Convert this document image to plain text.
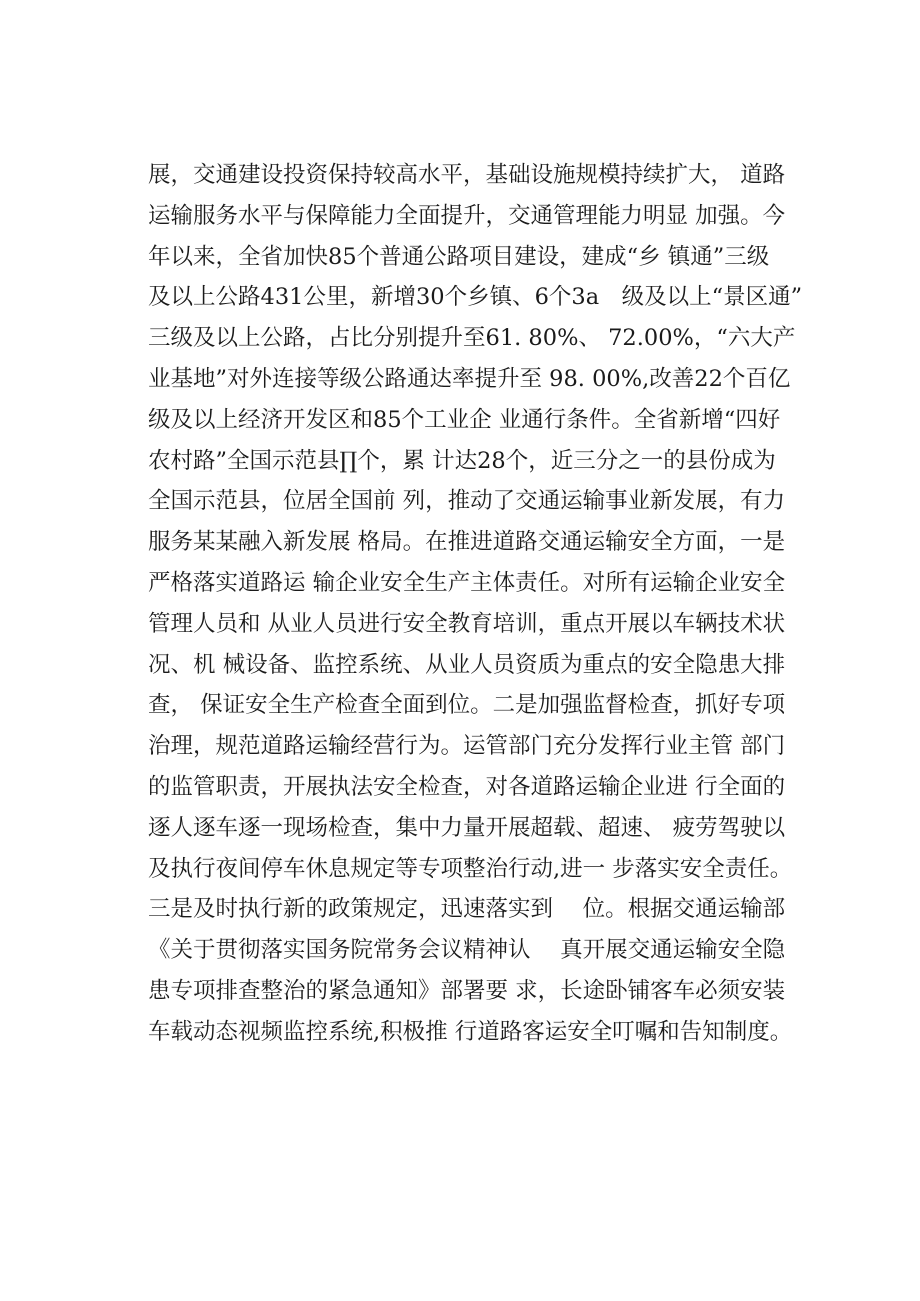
展，交通建设投资保持较高水平，基础设施规模持续扩大， 道路
运输服务水平与保障能力全面提升，交通管理能力明显 加强。今
年以来，全省加快85个普通公路项目建设，建成“乡 镇通”三级
及以上公路431公里，新增30个乡镇、6个3a　级及以上“景区通”
三级及以上公路，占比分别提升至61. 80%、 72.00%，“六大产
业基地”对外连接等级公路通达率提升至 98. 00%,改善22个百亿
级及以上经济开发区和85个工业企 业通行条件。全省新增“四好
农村路”全国示范县∏个，累 计达28个，近三分之一的县份成为
全国示范县，位居全国前 列，推动了交通运输事业新发展，有力
服务某某融入新发展 格局。在推进道路交通运输安全方面，一是
严格落实道路运 输企业安全生产主体责任。对所有运输企业安全
管理人员和 从业人员进行安全教育培训，重点开展以车辆技术状
况、机 械设备、监控系统、从业人员资质为重点的安全隐患大排
查， 保证安全生产检查全面到位。二是加强监督检查，抓好专项
治理，规范道路运输经营行为。运管部门充分发挥行业主管 部门
的监管职责，开展执法安全检查，对各道路运输企业进 行全面的
逐人逐车逐一现场检查，集中力量开展超载、超速、 疲劳驾驶以
及执行夜间停车休息规定等专项整治行动,进一 步落实安全责任。
三是及时执行新的政策规定，迅速落实到　 位。根据交通运输部
《关于贯彻落实国务院常务会议精神认　 真开展交通运输安全隐
患专项排查整治的紧急通知》部署要 求，长途卧铺客车必须安装
车载动态视频监控系统,积极推 行道路客运安全叮嘱和告知制度。
